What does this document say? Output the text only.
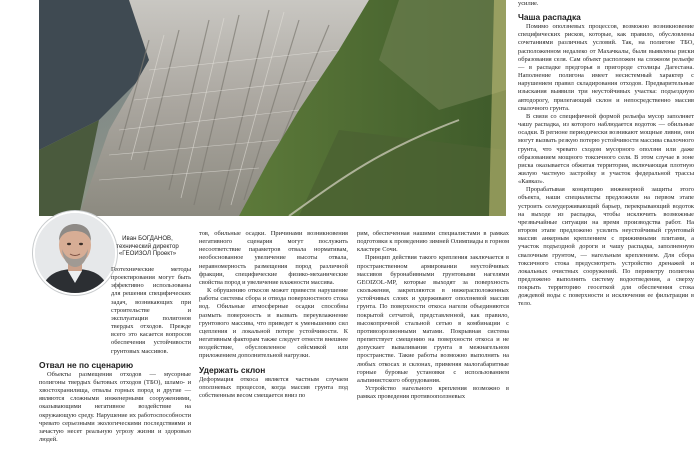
усилие.

Чаша распадка

Помимо оползневых процессов, возможно возникновение специфических рисков, которые, как правило, обусловлены сочетаниями различных условий. Так, на полигоне ТБО, расположенном недалеко от Махачкалы, были выявлены риски образования селя. Сам объект расположен на сложном рельефе — в распадке предгорья в пригороде столицы Дагестана. Наполнение полигона имеет несистемный характер с нарушением правил складирования отходов. Предварительные изыскания выявили три неустойчивых участка: подъездную автодорогу, прилегающий склон и непосредственно массив свалочного грунта.

В связи со специфичной формой рельефа мусор заполняет чашу распадка, из которого наблюдается водоток — обильные осадки. В регионе периодически возникают мощные ливни, они могут вызвать резкую потерю устойчивости массива свалочного грунта, что чревато сходом мусорного оползня или даже образованием мощного токсичного селя. В этом случае в зоне риска оказывается обжитая территория, включающая плотную жилую частную застройку и участок федеральной трассы «Кавказ».

Прорабатывая концепцию инженерной защиты этого объекта, наши специалисты предложили на первом этапе устроить селеудерживающий барьер, перекрывающий водоток на выходе из распадка, чтобы исключить возможные чрезвычайные ситуации на время производства работ. На втором этапе предложено усилить неустойчивый грунтовый массив анкерным креплением с прижимными плитами, а участок подъездной дороги и чашу распадка, заполненную свалочным грунтом, — нагельным креплением. Для сбора токсичного стока предусмотреть устройство дренажей и локальных очистных сооружений. По периметру полигона предложено выполнить систему водоотведения, а сверху покрыть территорию геосеткой для обеспечения стока дождевой воды с поверхности и исключения ее фильтрации в тело.

Иван БОГДАНОВ,
технический директор
«ГЕОИЗОЛ Проект»

Геотехнические методы проектирования могут быть эффективно использованы для решения специфических задач, возникающих при строительстве и эксплуатации полигонов твердых отходов. Прежде всего это касается вопросов обеспечения устойчивости грунтовых массивов.

Отвал не по сценарию

Объекты размещения отходов — мусорные полигоны твердых бытовых отходов (ТБО), шламо- и хвостохранилища, отвалы горных пород и другие — являются сложными инженерными сооружениями, оказывающими негативное воздействие на окружающую среду. Нарушение их работоспособности чревато серьезными экологическими последствиями и зачастую несет реальную угрозу жизни и здоровью людей.

тов, обильные осадки. Причинами возникновения негативного сценария могут послужить несоответствие параметров отвала нормативам, необоснованное увеличение высоты отвала, неравномерность размещения пород различной фракции, специфические физико-механические свойства пород и увеличение влажности массива.

К обрушению откосов может привести нарушение работы системы сбора и отвода поверхностного стока вод. Обильные атмосферные осадки способны размыть поверхность и вызвать переувлажнение грунтового массива, что приведет к уменьшению сил сцепления и локальной потере устойчивости. К негативным факторам также следует отнести внешнее воздействие, обусловленное сейсмикой или приложением дополнительной нагрузки.

Удержать склон

Деформация откоса является частным случаем оползневых процессов, когда массив грунта под собственным весом смещается вниз по

рим, обеспеченная нашими специалистами в рамках подготовки к проведению зимней Олимпиады в горном кластере Сочи.

Принцип действия такого крепления заключается в пространственном армировании неустойчивых массивов буронабивными грунтовыми нагелями GEOIZOL-MP, которые выходят за поверхность скольжения, закрепляются в нижерасположенных устойчивых слоях и удерживают оползневой массив грунта. По поверхности откоса нагели объединяются покрытой сетчатой, представленной, как правило, высокопрочной стальной сетью в комбинации с противоэрозионными матами. Покрывная система препятствует смещению на поверхности откоса и не допускает вываливания грунта в межнагельном пространстве. Такие работы возможно выполнять на любых откосах и склонах, применяя малогабаритные горные буровые установки с использованием альпинистского оборудования.

Устройство нагельного крепления возможно в рамках проведения противооползневых
